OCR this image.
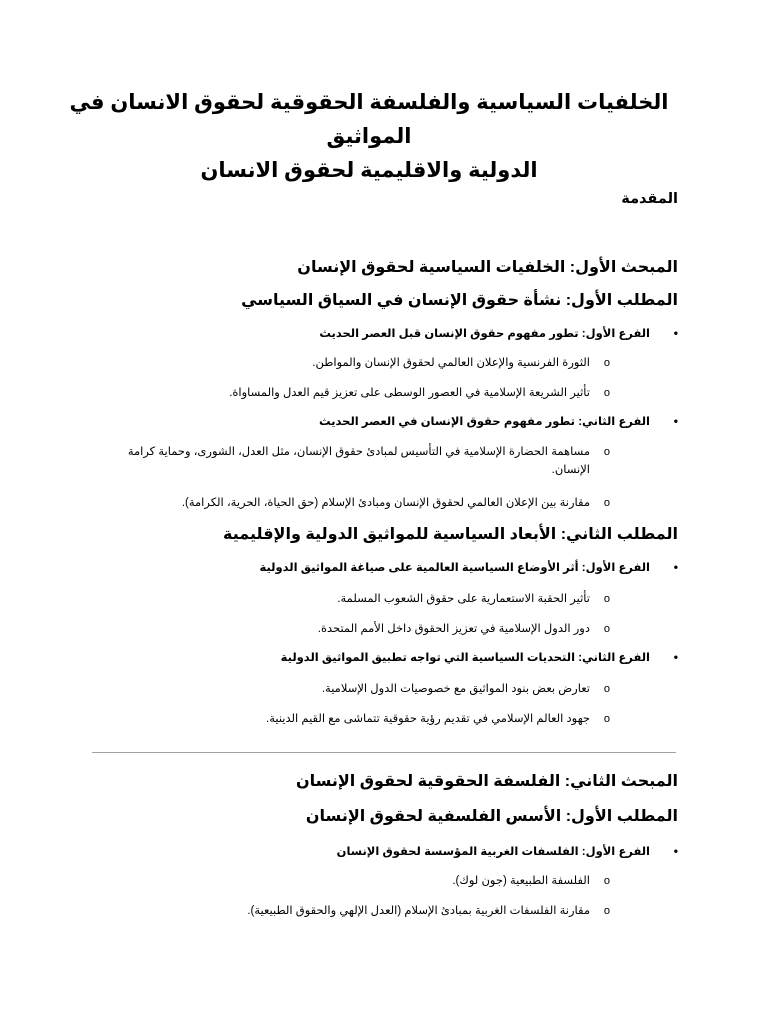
الخلفيات السياسية والفلسفة الحقوقية لحقوق الانسان في المواثيق
الدولية والاقليمية لحقوق الانسان
المقدمة
المبحث الأول: الخلفيات السياسية لحقوق الإنسان
المطلب الأول: نشأة حقوق الإنسان في السياق السياسي
•
الفرع الأول: تطور مفهوم حقوق الإنسان قبل العصر الحديث
o
الثورة الفرنسية والإعلان العالمي لحقوق الإنسان والمواطن.
o
تأثير الشريعة الإسلامية في العصور الوسطى على تعزيز قيم العدل والمساواة.
•
الفرع الثاني: تطور مفهوم حقوق الإنسان في العصر الحديث
o
مساهمة الحضارة الإسلامية في التأسيس لمبادئ حقوق الإنسان، مثل العدل، الشورى، وحماية كرامة الإنسان.
o
مقارنة بين الإعلان العالمي لحقوق الإنسان ومبادئ الإسلام (حق الحياة، الحرية، الكرامة).
المطلب الثاني: الأبعاد السياسية للمواثيق الدولية والإقليمية
•
الفرع الأول: أثر الأوضاع السياسية العالمية على صياغة المواثيق الدولية
o
تأثير الحقبة الاستعمارية على حقوق الشعوب المسلمة.
o
دور الدول الإسلامية في تعزيز الحقوق داخل الأمم المتحدة.
•
الفرع الثاني: التحديات السياسية التي تواجه تطبيق المواثيق الدولية
o
تعارض بعض بنود المواثيق مع خصوصيات الدول الإسلامية.
o
جهود العالم الإسلامي في تقديم رؤية حقوقية تتماشى مع القيم الدينية.
المبحث الثاني: الفلسفة الحقوقية لحقوق الإنسان
المطلب الأول: الأسس الفلسفية لحقوق الإنسان
•
الفرع الأول: الفلسفات الغربية المؤسسة لحقوق الإنسان
o
الفلسفة الطبيعية (جون لوك).
o
مقارنة الفلسفات الغربية بمبادئ الإسلام (العدل الإلهي والحقوق الطبيعية).
